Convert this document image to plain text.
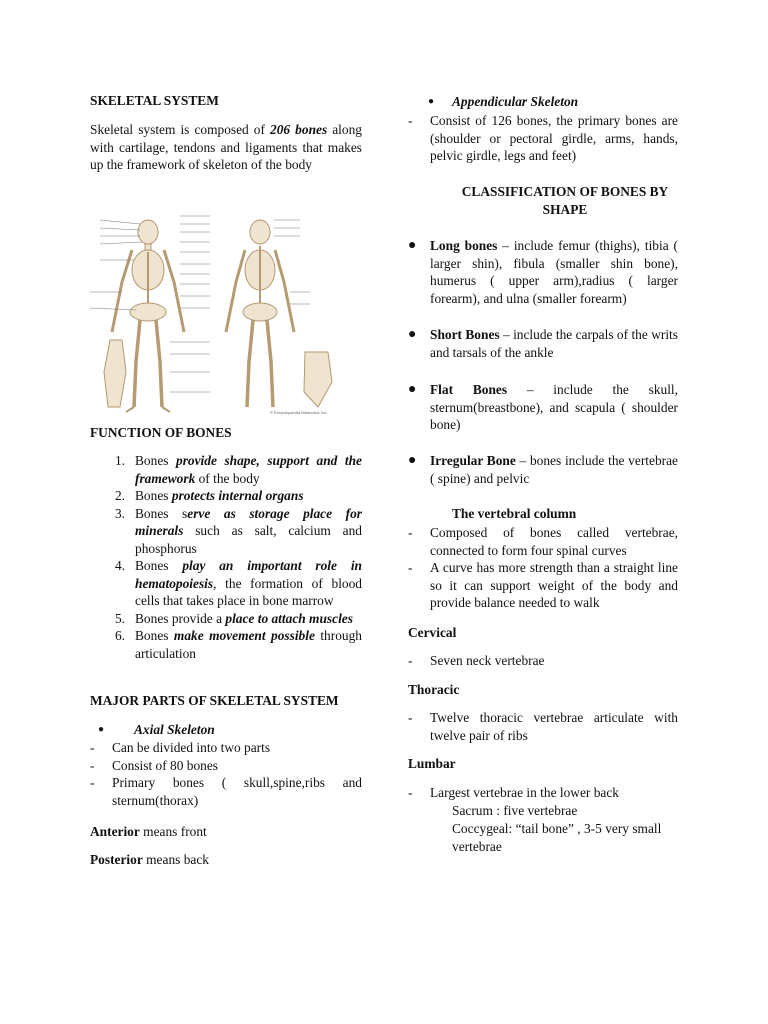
SKELETAL SYSTEM

Skeletal system is composed of 206 bones along with cartilage, tendons and ligaments that makes up the framework of skeleton of the body

© Encyclopaedia Britannica, Inc.
FUNCTION OF BONES
1. Bones provide shape, support and the framework of the body
2. Bones protects internal organs
3. Bones serve as storage place for minerals such as salt, calcium and phosphorus
4. Bones play an important role in hematopoiesis, the formation of blood cells that takes place in bone marrow
5. Bones provide a place to attach muscles
6. Bones make movement possible through articulation
MAJOR PARTS OF SKELETAL SYSTEM
●	Axial Skeleton
-	Can be divided into two parts
-	Consist of 80 bones
-	Primary bones ( skull,spine,ribs and sternum(thorax)

Anterior means front

Posterior means back

●	Appendicular Skeleton
-	Consist of 126 bones, the primary bones are (shoulder or pectoral girdle, arms, hands, pelvic girdle, legs and feet)
CLASSIFICATION OF BONES BY SHAPE
●	Long bones – include femur (thighs), tibia ( larger shin), fibula (smaller shin bone), humerus ( upper arm),radius ( larger forearm), and ulna (smaller forearm)
●	Short Bones – include the carpals of the writs and tarsals of the ankle
●	Flat Bones – include the skull, sternum(breastbone), and scapula ( shoulder bone)
●	Irregular Bone – bones include the vertebrae ( spine) and pelvic
The vertebral column
-	Composed of bones called vertebrae, connected to form four spinal curves
-	A curve has more strength than a straight line so it can support weight of the body and provide balance needed to walk
Cervical
-	Seven neck vertebrae
Thoracic
-	Twelve thoracic vertebrae articulate with twelve pair of ribs
Lumbar
-	Largest vertebrae in the lower back

Sacrum : five vertebrae

Coccygeal: “tail bone” , 3-5 very small vertebrae
